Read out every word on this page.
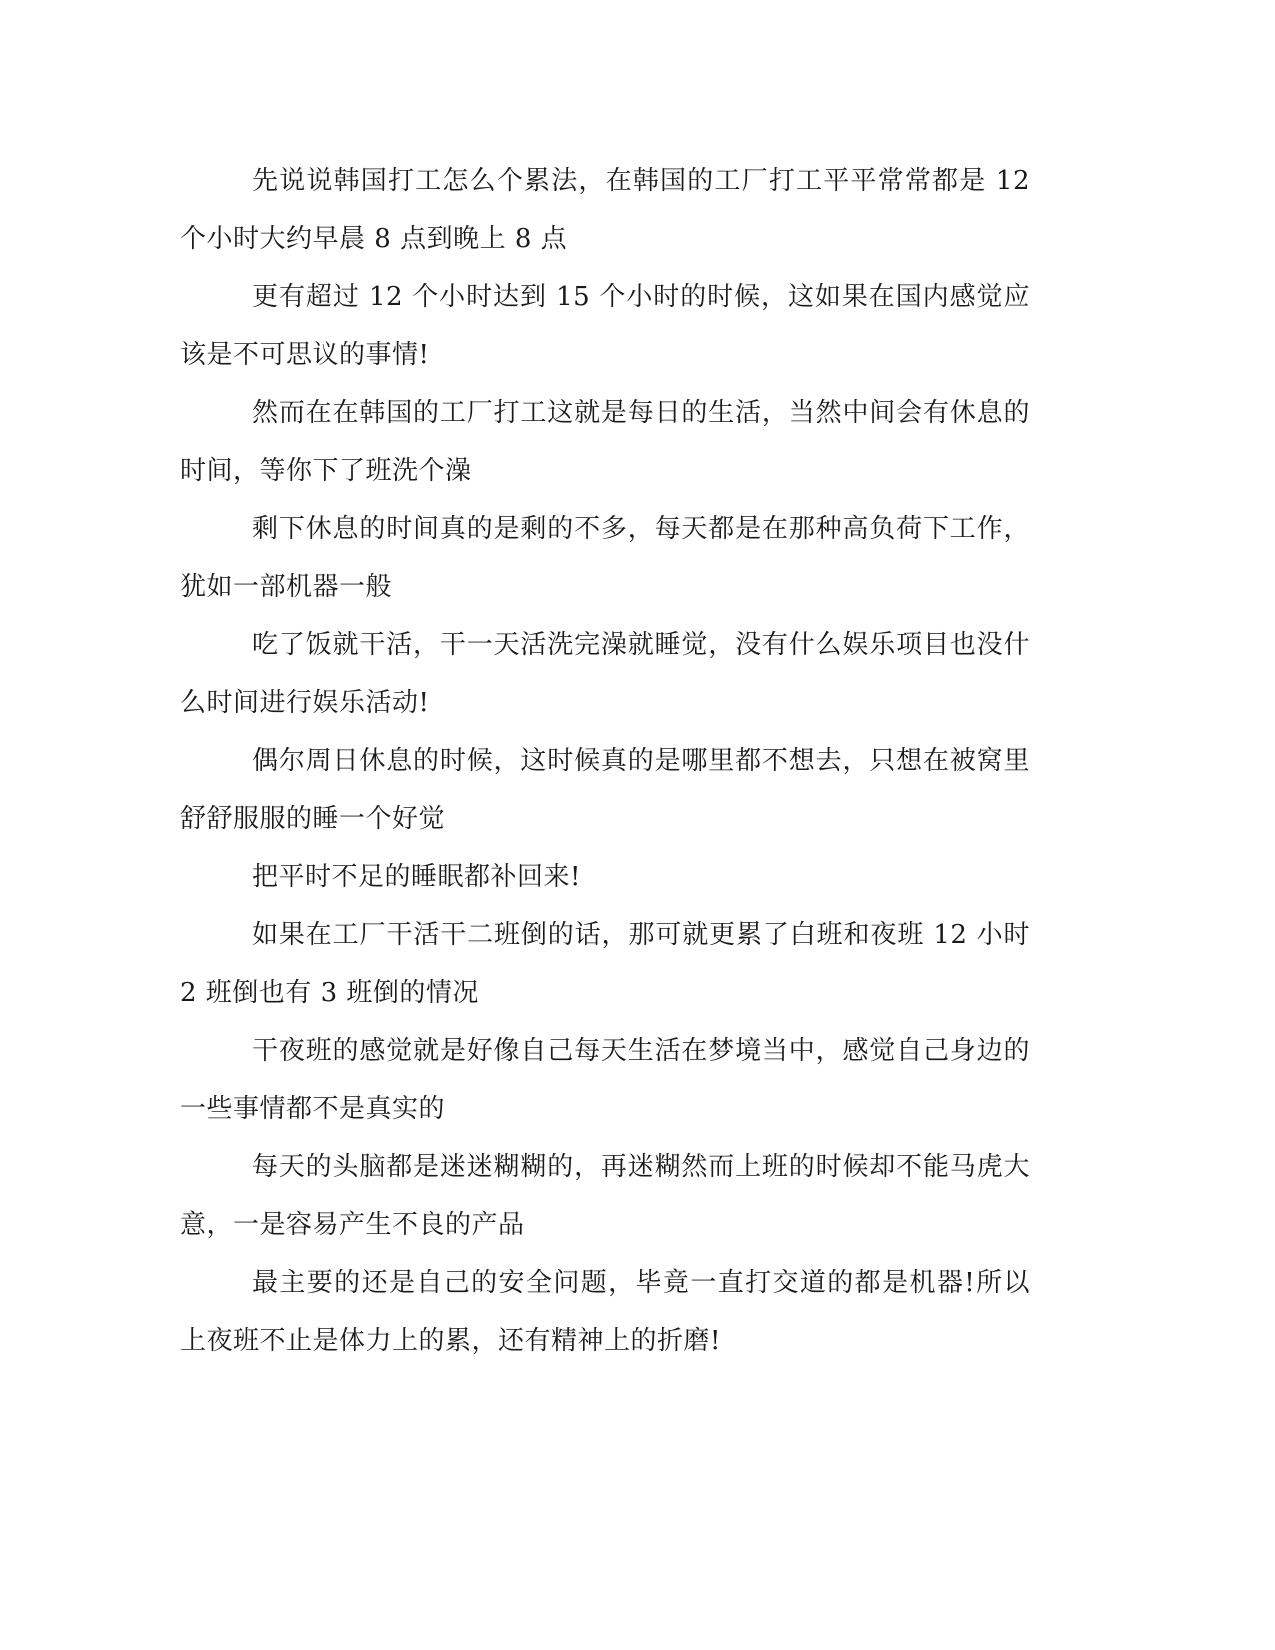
先说说韩国打工怎么个累法，在韩国的工厂打工平平常常都是 12 个小时大约早晨 8 点到晚上 8 点

更有超过 12 个小时达到 15 个小时的时候，这如果在国内感觉应该是不可思议的事情!

然而在在韩国的工厂打工这就是每日的生活，当然中间会有休息的时间，等你下了班洗个澡

剩下休息的时间真的是剩的不多，每天都是在那种高负荷下工作，犹如一部机器一般

吃了饭就干活，干一天活洗完澡就睡觉，没有什么娱乐项目也没什么时间进行娱乐活动!

偶尔周日休息的时候，这时候真的是哪里都不想去，只想在被窝里舒舒服服的睡一个好觉

把平时不足的睡眠都补回来!

如果在工厂干活干二班倒的话，那可就更累了白班和夜班 12 小时 2 班倒也有 3 班倒的情况

干夜班的感觉就是好像自己每天生活在梦境当中，感觉自己身边的一些事情都不是真实的

每天的头脑都是迷迷糊糊的，再迷糊然而上班的时候却不能马虎大意，一是容易产生不良的产品

最主要的还是自己的安全问题，毕竟一直打交道的都是机器!所以上夜班不止是体力上的累，还有精神上的折磨!
